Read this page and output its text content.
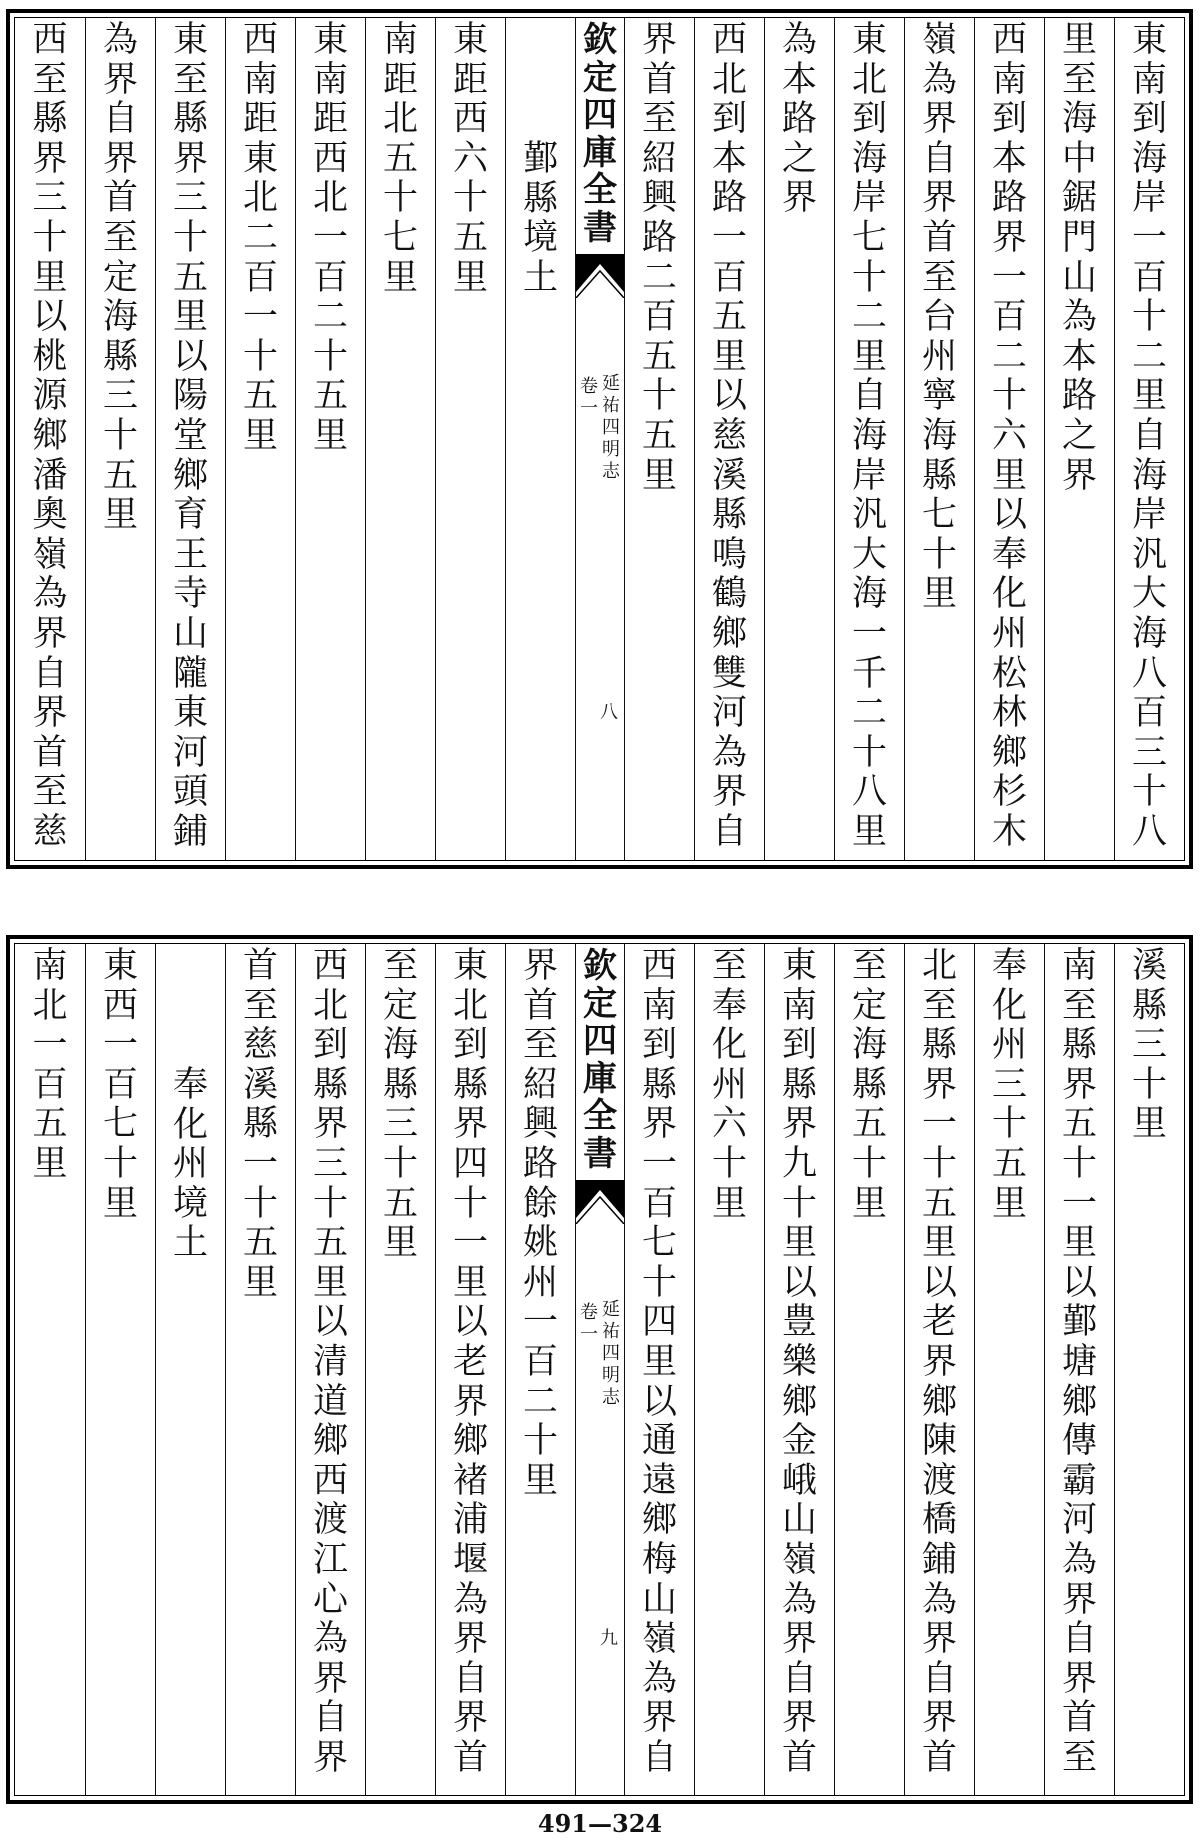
東
南
到
海
岸
一
百
十
二
里
自
海
岸
汎
大
海
八
百
三
十
八
里
至
海
中
鋸
門
山
為
本
路
之
界
西
南
到
本
路
界
一
百
二
十
六
里
以
奉
化
州
松
林
鄉
杉
木
嶺
為
界
自
界
首
至
台
州
寧
海
縣
七
十
里
東
北
到
海
岸
七
十
二
里
自
海
岸
汎
大
海
一
千
二
十
八
里
為
本
路
之
界
西
北
到
本
路
一
百
五
里
以
慈
溪
縣
鳴
鶴
鄉
雙
河
為
界
自
界
首
至
紹
興
路
二
百
五
十
五
里
欽
定
四
庫
全
書
延
祐
四
明
志
卷
一
八
鄞
縣
境
土
東
距
西
六
十
五
里
南
距
北
五
十
七
里
東
南
距
西
北
一
百
二
十
五
里
西
南
距
東
北
二
百
一
十
五
里
東
至
縣
界
三
十
五
里
以
陽
堂
鄉
育
王
寺
山
隴
東
河
頭
鋪
為
界
自
界
首
至
定
海
縣
三
十
五
里
西
至
縣
界
三
十
里
以
桃
源
鄉
潘
奧
嶺
為
界
自
界
首
至
慈
溪
縣
三
十
里
南
至
縣
界
五
十
一
里
以
鄞
塘
鄉
傳
霸
河
為
界
自
界
首
至
奉
化
州
三
十
五
里
北
至
縣
界
一
十
五
里
以
老
界
鄉
陳
渡
橋
鋪
為
界
自
界
首
至
定
海
縣
五
十
里
東
南
到
縣
界
九
十
里
以
豊
樂
鄉
金
峨
山
嶺
為
界
自
界
首
至
奉
化
州
六
十
里
西
南
到
縣
界
一
百
七
十
四
里
以
通
遠
鄉
梅
山
嶺
為
界
自
欽
定
四
庫
全
書
延
祐
四
明
志
卷
一
九
界
首
至
紹
興
路
餘
姚
州
一
百
二
十
里
東
北
到
縣
界
四
十
一
里
以
老
界
鄉
褚
浦
堰
為
界
自
界
首
至
定
海
縣
三
十
五
里
西
北
到
縣
界
三
十
五
里
以
清
道
鄉
西
渡
江
心
為
界
自
界
首
至
慈
溪
縣
一
十
五
里
奉
化
州
境
土
東
西
一
百
七
十
里
南
北
一
百
五
里
491—324
